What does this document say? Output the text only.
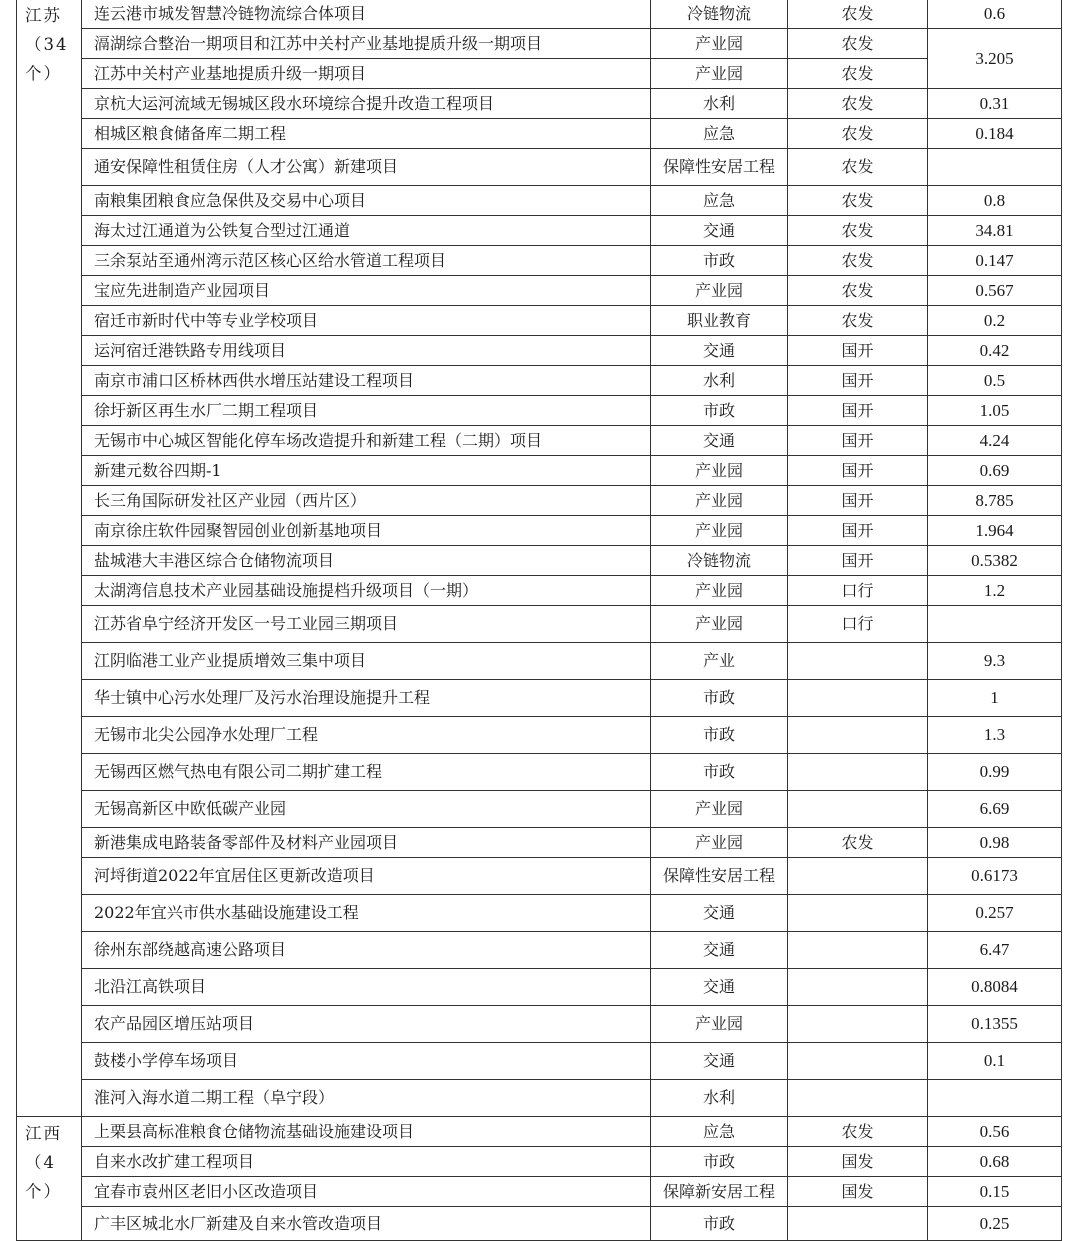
江苏（34个）	连云港市城发智慧冷链物流综合体项目	冷链物流	农发	0.6
	滆湖综合整治一期项目和江苏中关村产业基地提质升级一期项目	产业园	农发	3.205
	江苏中关村产业基地提质升级一期项目	产业园	农发	
	京杭大运河流域无锡城区段水环境综合提升改造工程项目	水利	农发	0.31
	相城区粮食储备库二期工程	应急	农发	0.184
	通安保障性租赁住房（人才公寓）新建项目	保障性安居工程	农发	
	南粮集团粮食应急保供及交易中心项目	应急	农发	0.8
	海太过江通道为公铁复合型过江通道	交通	农发	34.81
	三余泵站至通州湾示范区核心区给水管道工程项目	市政	农发	0.147
	宝应先进制造产业园项目	产业园	农发	0.567
	宿迁市新时代中等专业学校项目	职业教育	农发	0.2
	运河宿迁港铁路专用线项目	交通	国开	0.42
	南京市浦口区桥林西供水增压站建设工程项目	水利	国开	0.5
	徐圩新区再生水厂二期工程项目	市政	国开	1.05
	无锡市中心城区智能化停车场改造提升和新建工程（二期）项目	交通	国开	4.24
	新建元数谷四期-1	产业园	国开	0.69
	长三角国际研发社区产业园（西片区）	产业园	国开	8.785
	南京徐庄软件园聚智园创业创新基地项目	产业园	国开	1.964
	盐城港大丰港区综合仓储物流项目	冷链物流	国开	0.5382
	太湖湾信息技术产业园基础设施提档升级项目（一期）	产业园	口行	1.2
	江苏省阜宁经济开发区一号工业园三期项目	产业园	口行	
	江阴临港工业产业提质增效三集中项目	产业		9.3
	华士镇中心污水处理厂及污水治理设施提升工程	市政		1
	无锡市北尖公园净水处理厂工程	市政		1.3
	无锡西区燃气热电有限公司二期扩建工程	市政		0.99
	无锡高新区中欧低碳产业园	产业园		6.69
	新港集成电路装备零部件及材料产业园项目	产业园	农发	0.98
	河埒街道2022年宜居住区更新改造项目	保障性安居工程		0.6173
	2022年宜兴市供水基础设施建设工程	交通		0.257
	徐州东部绕越高速公路项目	交通		6.47
	北沿江高铁项目	交通		0.8084
	农产品园区增压站项目	产业园		0.1355
	鼓楼小学停车场项目	交通		0.1
	淮河入海水道二期工程（阜宁段）	水利		
江西（4个）	上栗县高标准粮食仓储物流基础设施建设项目	应急	农发	0.56
	自来水改扩建工程项目	市政	国发	0.68
	宜春市袁州区老旧小区改造项目	保障新安居工程	国发	0.15
	广丰区城北水厂新建及自来水管改造项目	市政		0.25
